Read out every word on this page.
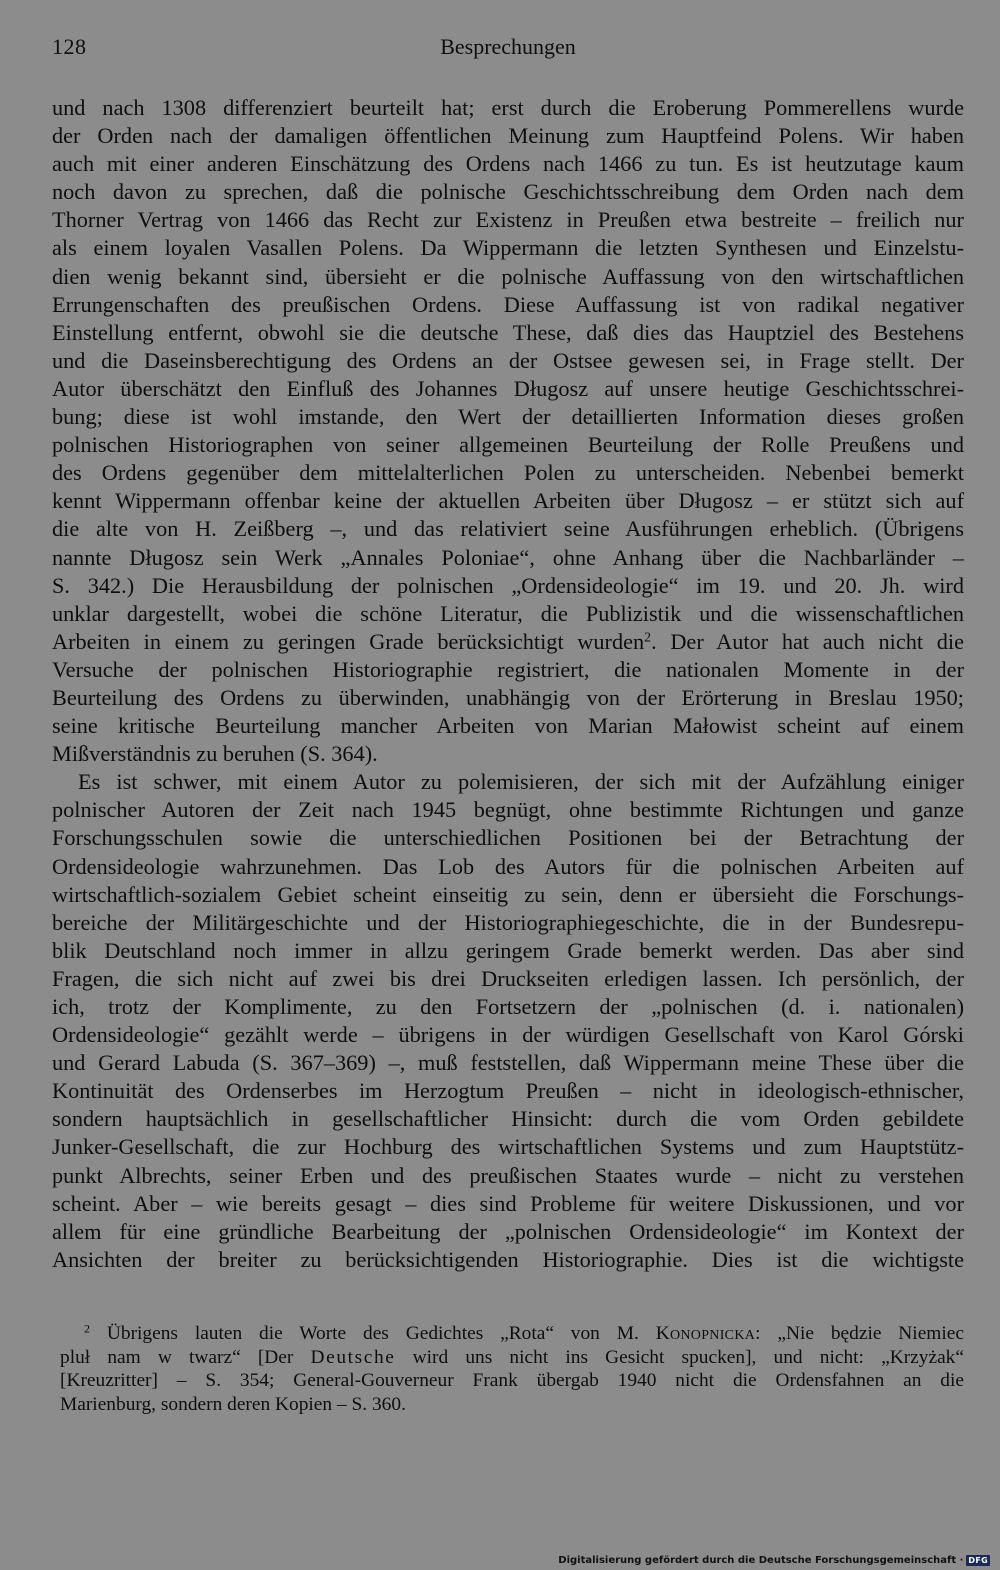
128	Besprechungen
und nach 1308 differenziert beurteilt hat; erst durch die Eroberung Pommerellens wurde
der Orden nach der damaligen öffentlichen Meinung zum Hauptfeind Polens. Wir haben
auch mit einer anderen Einschätzung des Ordens nach 1466 zu tun. Es ist heutzutage kaum
noch davon zu sprechen, daß die polnische Geschichtsschreibung dem Orden nach dem
Thorner Vertrag von 1466 das Recht zur Existenz in Preußen etwa bestreite – freilich nur
als einem loyalen Vasallen Polens. Da Wippermann die letzten Synthesen und Einzelstu-
dien wenig bekannt sind, übersieht er die polnische Auffassung von den wirtschaftlichen
Errungenschaften des preußischen Ordens. Diese Auffassung ist von radikal negativer
Einstellung entfernt, obwohl sie die deutsche These, daß dies das Hauptziel des Bestehens
und die Daseinsberechtigung des Ordens an der Ostsee gewesen sei, in Frage stellt. Der
Autor überschätzt den Einfluß des Johannes Długosz auf unsere heutige Geschichtsschrei-
bung; diese ist wohl imstande, den Wert der detaillierten Information dieses großen
polnischen Historiographen von seiner allgemeinen Beurteilung der Rolle Preußens und
des Ordens gegenüber dem mittelalterlichen Polen zu unterscheiden. Nebenbei bemerkt
kennt Wippermann offenbar keine der aktuellen Arbeiten über Długosz – er stützt sich auf
die alte von H. Zeißberg –, und das relativiert seine Ausführungen erheblich. (Übrigens
nannte Długosz sein Werk „Annales Poloniae“, ohne Anhang über die Nachbarländer –
S. 342.) Die Herausbildung der polnischen „Ordensideologie“ im 19. und 20. Jh. wird
unklar dargestellt, wobei die schöne Literatur, die Publizistik und die wissenschaftlichen
Arbeiten in einem zu geringen Grade berücksichtigt wurden$^2$. Der Autor hat auch nicht die
Versuche der polnischen Historiographie registriert, die nationalen Momente in der
Beurteilung des Ordens zu überwinden, unabhängig von der Erörterung in Breslau 1950;
seine kritische Beurteilung mancher Arbeiten von Marian Małowist scheint auf einem
Mißverständnis zu beruhen (S. 364).
Es ist schwer, mit einem Autor zu polemisieren, der sich mit der Aufzählung einiger
polnischer Autoren der Zeit nach 1945 begnügt, ohne bestimmte Richtungen und ganze
Forschungsschulen sowie die unterschiedlichen Positionen bei der Betrachtung der
Ordensideologie wahrzunehmen. Das Lob des Autors für die polnischen Arbeiten auf
wirtschaftlich-sozialem Gebiet scheint einseitig zu sein, denn er übersieht die Forschungs-
bereiche der Militärgeschichte und der Historiographiegeschichte, die in der Bundesrepu-
blik Deutschland noch immer in allzu geringem Grade bemerkt werden. Das aber sind
Fragen, die sich nicht auf zwei bis drei Druckseiten erledigen lassen. Ich persönlich, der
ich, trotz der Komplimente, zu den Fortsetzern der „polnischen (d. i. nationalen)
Ordensideologie“ gezählt werde – übrigens in der würdigen Gesellschaft von Karol Górski
und Gerard Labuda (S. 367–369) –, muß feststellen, daß Wippermann meine These über die
Kontinuität des Ordenserbes im Herzogtum Preußen – nicht in ideologisch-ethnischer,
sondern hauptsächlich in gesellschaftlicher Hinsicht: durch die vom Orden gebildete
Junker-Gesellschaft, die zur Hochburg des wirtschaftlichen Systems und zum Hauptstütz-
punkt Albrechts, seiner Erben und des preußischen Staates wurde – nicht zu verstehen
scheint. Aber – wie bereits gesagt – dies sind Probleme für weitere Diskussionen, und vor
allem für eine gründliche Bearbeitung der „polnischen Ordensideologie“ im Kontext der
Ansichten der breiter zu berücksichtigenden Historiographie. Dies ist die wichtigste
$^2$ Übrigens lauten die Worte des Gedichtes „Rota“ von M. Konopnicka: „Nie będzie Niemiec
pluł nam w twarz“ [Der Deutsche wird uns nicht ins Gesicht spucken], und nicht: „Krzyżak“
[Kreuzritter] – S. 354; General-Gouverneur Frank übergab 1940 nicht die Ordensfahnen an die
Marienburg, sondern deren Kopien – S. 360.
Digitalisierung gefördert durch die Deutsche Forschungsgemeinschaft · DFG
